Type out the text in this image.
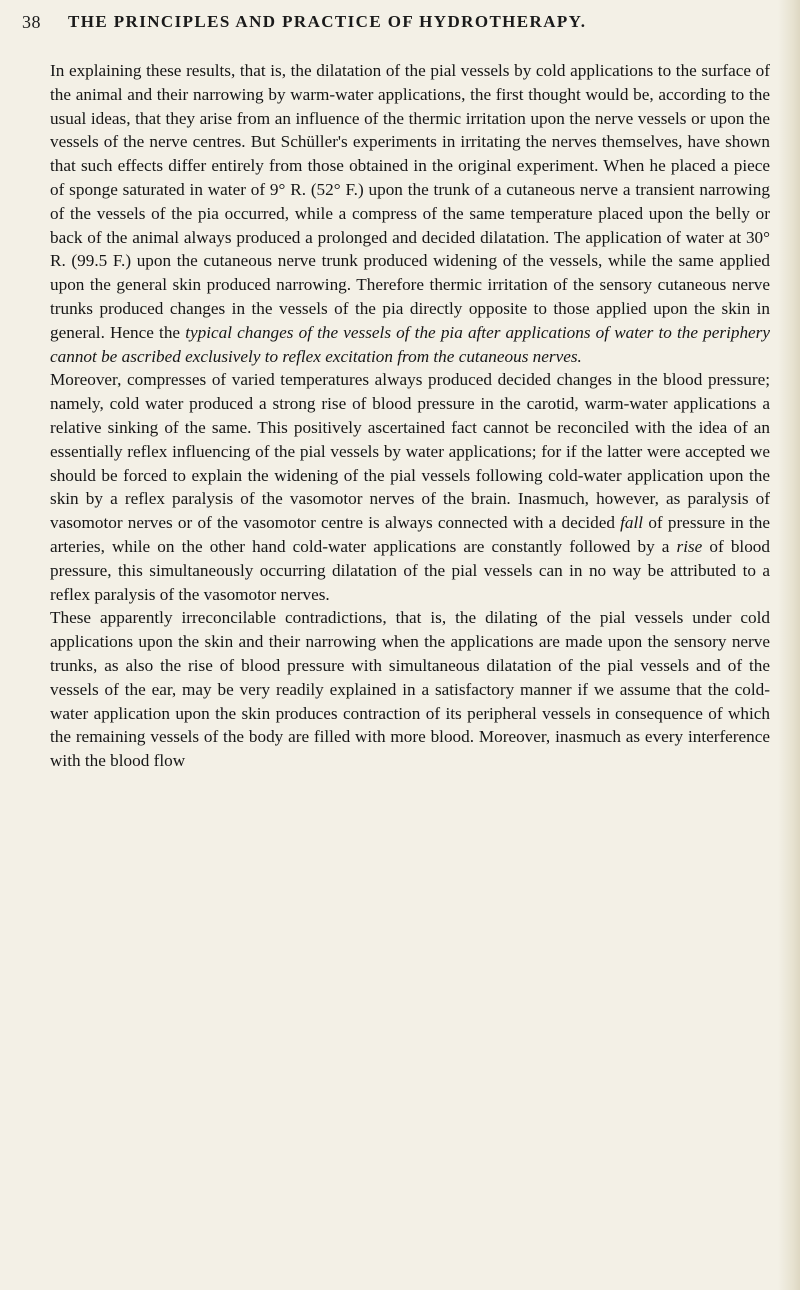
38 THE PRINCIPLES AND PRACTICE OF HYDROTHERAPY.

In explaining these results, that is, the dilatation of the pial vessels by cold applications to the surface of the animal and their narrowing by warm-water applications, the first thought would be, according to the usual ideas, that they arise from an influence of the thermic irritation upon the nerve vessels or upon the vessels of the nerve centres. But Schüller's experiments in irritating the nerves themselves, have shown that such effects differ entirely from those obtained in the original experiment. When he placed a piece of sponge saturated in water of 9° R. (52° F.) upon the trunk of a cutaneous nerve a transient narrowing of the vessels of the pia occurred, while a compress of the same temperature placed upon the belly or back of the animal always produced a prolonged and decided dilatation. The application of water at 30° R. (99.5 F.) upon the cutaneous nerve trunk produced widening of the vessels, while the same applied upon the general skin produced narrowing. Therefore thermic irritation of the sensory cutaneous nerve trunks produced changes in the vessels of the pia directly opposite to those applied upon the skin in general. Hence the typical changes of the vessels of the pia after applications of water to the periphery cannot be ascribed exclusively to reflex excitation from the cutaneous nerves.

Moreover, compresses of varied temperatures always produced decided changes in the blood pressure; namely, cold water produced a strong rise of blood pressure in the carotid, warm-water applications a relative sinking of the same. This positively ascertained fact cannot be reconciled with the idea of an essentially reflex influencing of the pial vessels by water applications; for if the latter were accepted we should be forced to explain the widening of the pial vessels following cold-water application upon the skin by a reflex paralysis of the vasomotor nerves of the brain. Inasmuch, however, as paralysis of vasomotor nerves or of the vasomotor centre is always connected with a decided fall of pressure in the arteries, while on the other hand cold-water applications are constantly followed by a rise of blood pressure, this simultaneously occurring dilatation of the pial vessels can in no way be attributed to a reflex paralysis of the vasomotor nerves.

These apparently irreconcilable contradictions, that is, the dilating of the pial vessels under cold applications upon the skin and their narrowing when the applications are made upon the sensory nerve trunks, as also the rise of blood pressure with simultaneous dilatation of the pial vessels and of the vessels of the ear, may be very readily explained in a satisfactory manner if we assume that the cold-water application upon the skin produces contraction of its peripheral vessels in consequence of which the remaining vessels of the body are filled with more blood. Moreover, inasmuch as every interference with the blood flow
